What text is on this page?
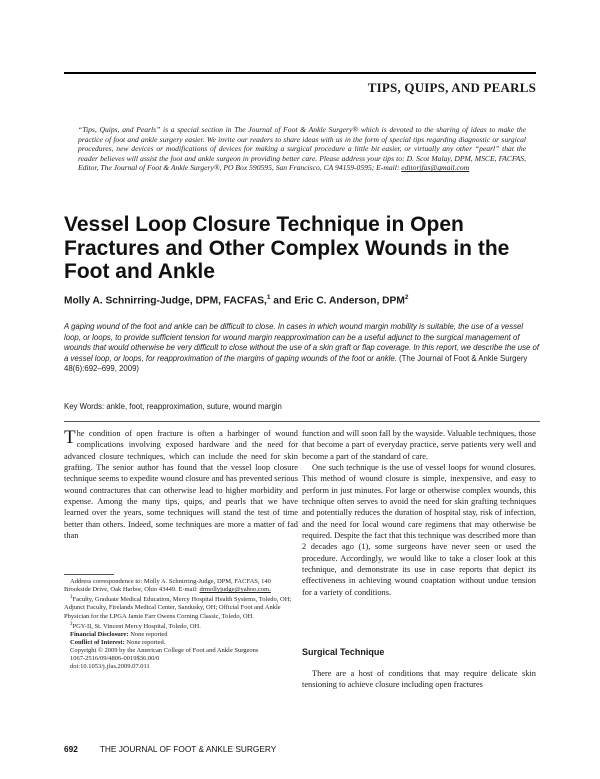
TIPS, QUIPS, AND PEARLS
“Tips, Quips, and Pearls” is a special section in The Journal of Foot & Ankle Surgery® which is devoted to the sharing of ideas to make the practice of foot and ankle surgery easier. We invite our readers to share ideas with us in the form of special tips regarding diagnostic or surgical procedures, new devices or modifications of devices for making a surgical procedure a little bit easier, or virtually any other “pearl” that the reader believes will assist the foot and ankle surgeon in providing better care. Please address your tips to: D. Scot Malay, DPM, MSCE, FACFAS, Editor, The Journal of Foot & Ankle Surgery®, PO Box 590595, San Francisco, CA 94159-0595; E-mail: editorjfas@gmail.com
Vessel Loop Closure Technique in Open Fractures and Other Complex Wounds in the Foot and Ankle
Molly A. Schnirring-Judge, DPM, FACFAS,$^1$ and Eric C. Anderson, DPM$^2$
A gaping wound of the foot and ankle can be difficult to close. In cases in which wound margin mobility is suitable, the use of a vessel loop, or loops, to provide sufficient tension for wound margin reapproximation can be a useful adjunct to the surgical management of wounds that would otherwise be very difficult to close without the use of a skin graft or flap coverage. In this report, we describe the use of a vessel loop, or loops, for reapproximation of the margins of gaping wounds of the foot or ankle. (The Journal of Foot & Ankle Surgery 48(6):692–699, 2009)
Key Words: ankle, foot, reapproximation, suture, wound margin

The condition of open fracture is often a harbinger of wound complications involving exposed hardware and the need for advanced closure techniques, which can include the need for skin grafting. The senior author has found that the vessel loop closure technique seems to expedite wound closure and has prevented serious wound contractures that can otherwise lead to higher morbidity and expense. Among the many tips, quips, and pearls that we have learned over the years, some techniques will stand the test of time better than others. Indeed, some techniques are more a matter of fad than

Address correspondence to: Molly A. Schnirring-Judge, DPM, FACFAS, 140 Brookside Drive, Oak Harbor, Ohio 43449. E-mail: drmollyjudge@yahoo.com.

$^1$Faculty, Graduate Medical Education, Mercy Hospital Health Systems, Toledo, OH; Adjunct Faculty, Firelands Medical Center, Sandusky, OH; Official Foot and Ankle Physician for the LPGA Jamie Farr Owens Corning Classic, Toledo, OH.

$^2$PGY-II, St. Vincent Mercy Hospital, Toledo, OH.

Financial Disclosure: None reported

Conflict of Interest: None reported.

Copyright © 2009 by the American College of Foot and Ankle Surgeons

1067-2516/09/4806-0019$36.00/0

doi:10.1053/j.jfas.2009.07.011

function and will soon fall by the wayside. Valuable techniques, those that become a part of everyday practice, serve patients very well and become a part of the standard of care.

One such technique is the use of vessel loops for wound closures. This method of wound closure is simple, inexpensive, and easy to perform in just minutes. For large or otherwise complex wounds, this technique often serves to avoid the need for skin grafting techniques and potentially reduces the duration of hospital stay, risk of infection, and the need for local wound care regimens that may otherwise be required. Despite the fact that this technique was described more than 2 decades ago (1), some surgeons have never seen or used the procedure. Accordingly, we would like to take a closer look at this technique, and demonstrate its use in case reports that depict its effectiveness in achieving wound coaptation without undue tension for a variety of conditions.

Surgical Technique

There are a host of conditions that may require delicate skin tensioning to achieve closure including open fractures

692	THE JOURNAL OF FOOT & ANKLE SURGERY
